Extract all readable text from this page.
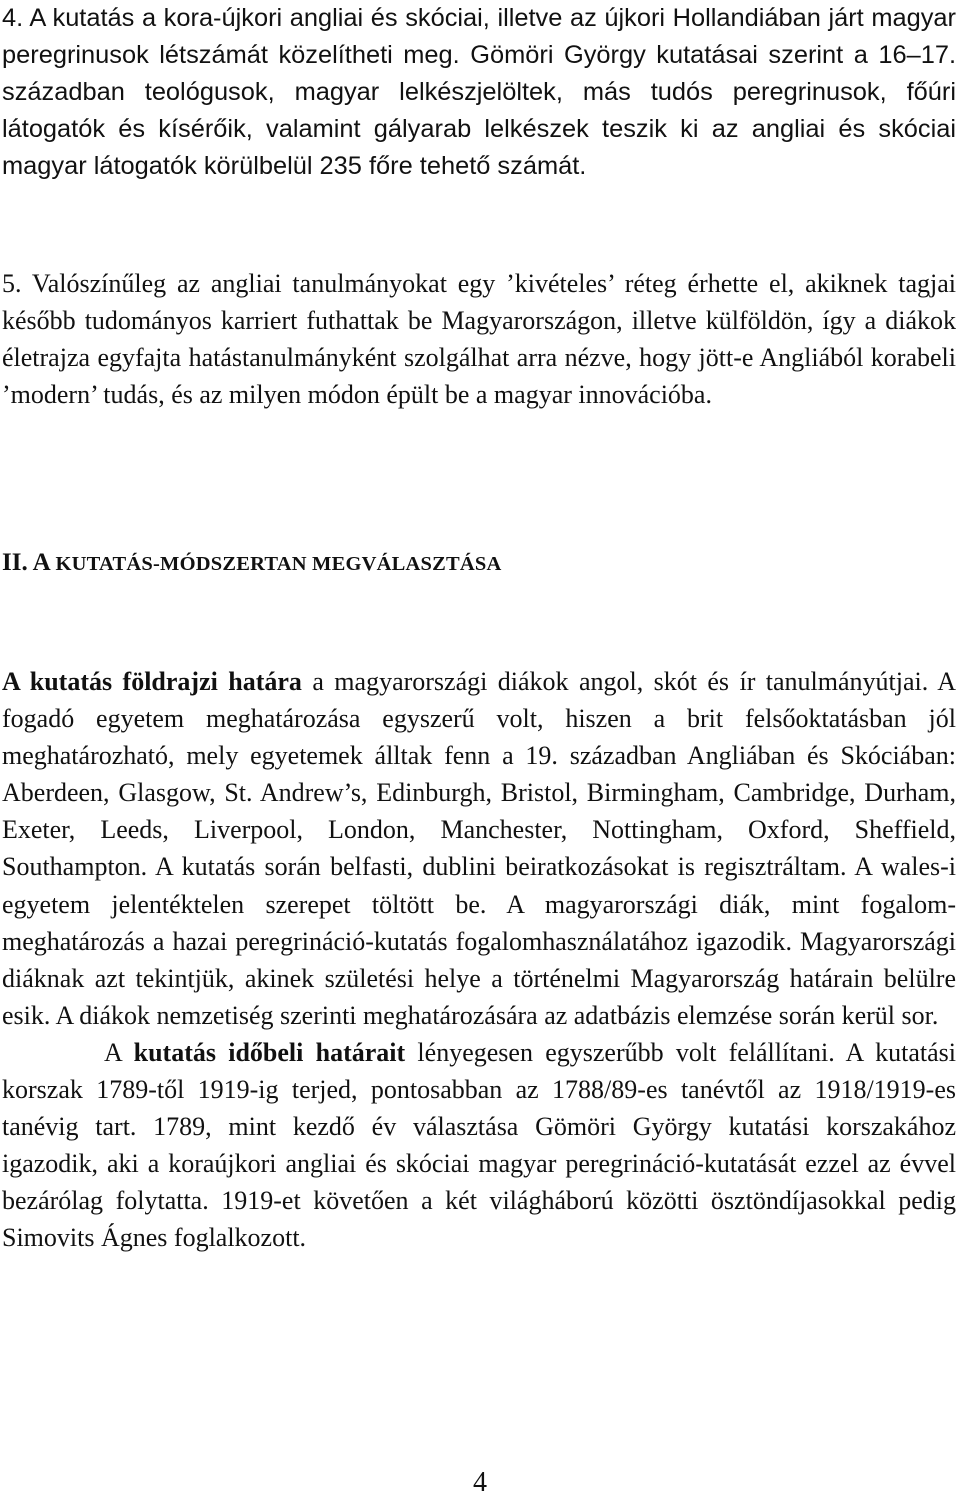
4. A kutatás a kora-újkori angliai és skóciai, illetve az újkori Hollandiában járt magyar peregrinusok létszámát közelítheti meg. Gömöri György kutatásai szerint a 16–17. században teológusok, magyar lelkészjelöltek, más tudós peregrinusok, főúri látogatók és kísérőik, valamint gályarab lelkészek teszik ki az angliai és skóciai magyar látogatók körülbelül 235 főre tehető számát.

5. Valószínűleg az angliai tanulmányokat egy ’kivételes’ réteg érhette el, akiknek tagjai később tudományos karriert futhattak be Magyarországon, illetve külföldön, így a diákok életrajza egyfajta hatástanulmányként szolgálhat arra nézve, hogy jött-e Angliából korabeli ’modern’ tudás, és az milyen módon épült be a magyar innovációba.

II. A KUTATÁS-MÓDSZERTAN MEGVÁLASZTÁSA

A kutatás földrajzi határa a magyarországi diákok angol, skót és ír tanulmányútjai. A fogadó egyetem meghatározása egyszerű volt, hiszen a brit felsőoktatásban jól meghatározható, mely egyetemek álltak fenn a 19. században Angliában és Skóciában: Aberdeen, Glasgow, St. Andrew’s, Edinburgh, Bristol, Birmingham, Cambridge, Durham, Exeter, Leeds, Liverpool, London, Manchester, Nottingham, Oxford, Sheffield, Southampton. A kutatás során belfasti, dublini beiratkozásokat is regisztráltam. A wales-i egyetem jelentéktelen szerepet töltött be. A magyarországi diák, mint fogalom-meghatározás a hazai peregrináció-kutatás fogalomhasználatához igazodik. Magyarországi diáknak azt tekintjük, akinek születési helye a történelmi Magyarország határain belülre esik. A diákok nemzetiség szerinti meghatározására az adatbázis elemzése során kerül sor.

A kutatás időbeli határait lényegesen egyszerűbb volt felállítani. A kutatási korszak 1789-től 1919-ig terjed, pontosabban az 1788/89-es tanévtől az 1918/1919-es tanévig tart. 1789, mint kezdő év választása Gömöri György kutatási korszakához igazodik, aki a koraújkori angliai és skóciai magyar peregrináció-kutatását ezzel az évvel bezárólag folytatta. 1919-et követően a két világháború közötti ösztöndíjasokkal pedig Simovits Ágnes foglalkozott.

4
